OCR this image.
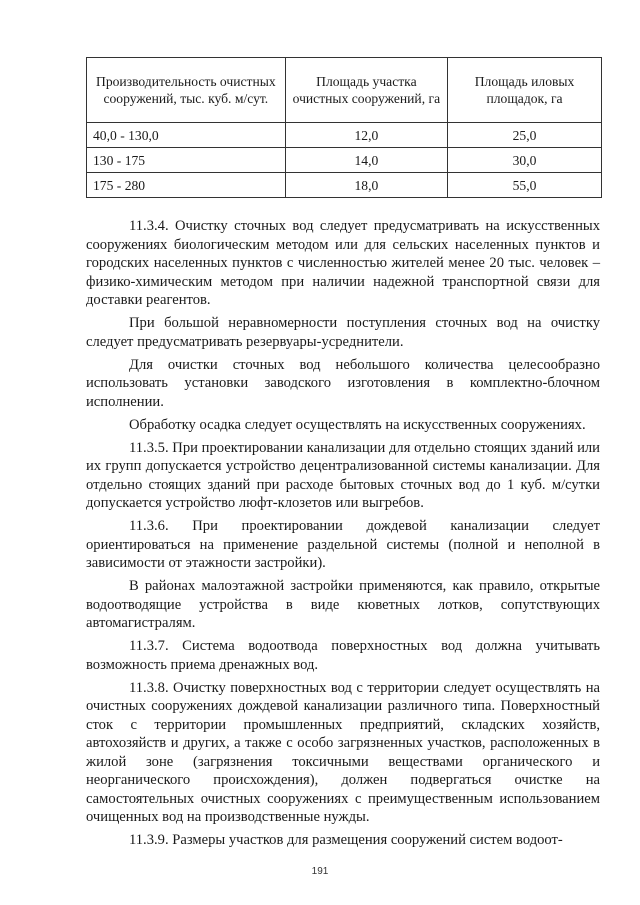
Производительность очистных сооружений, тыс. куб. м/сут.	Площадь участка очистных сооружений, га	Площадь иловых площадок, га
40,0 - 130,0	12,0	25,0
130 - 175	14,0	30,0
175 - 280	18,0	55,0

11.3.4. Очистку сточных вод следует предусматривать на искусственных сооружениях биологическим методом или для сельских населенных пунктов и городских населенных пунктов с численностью жителей менее 20 тыс. человек – физико-химическим методом при наличии надежной транспортной связи для доставки реагентов.

При большой неравномерности поступления сточных вод на очистку следует предусматривать резервуары-усреднители.

Для очистки сточных вод небольшого количества целесообразно использовать установки заводского изготовления в комплектно-блочном исполнении.

Обработку осадка следует осуществлять на искусственных сооружениях.

11.3.5. При проектировании канализации для отдельно стоящих зданий или их групп допускается устройство децентрализованной системы канализации. Для отдельно стоящих зданий при расходе бытовых сточных вод до 1 куб. м/сутки допускается устройство люфт-клозетов или выгребов.

11.3.6. При проектировании дождевой канализации следует ориентироваться на применение раздельной системы (полной и неполной в зависимости от этажности застройки).

В районах малоэтажной застройки применяются, как правило, открытые водоотводящие устройства в виде кюветных лотков, сопутствующих автомагистралям.

11.3.7. Система водоотвода поверхностных вод должна учитывать возможность приема дренажных вод.

11.3.8. Очистку поверхностных вод с территории следует осуществлять на очистных сооружениях дождевой канализации различного типа. Поверхностный сток с территории промышленных предприятий, складских хозяйств, автохозяйств и других, а также с особо загрязненных участков, расположенных в жилой зоне (загрязнения токсичными веществами органического и неорганического происхождения), должен подвергаться очистке на самостоятельных очистных сооружениях с преимущественным использованием очищенных вод на производственные нужды.

11.3.9. Размеры участков для размещения сооружений систем водоот-

191
